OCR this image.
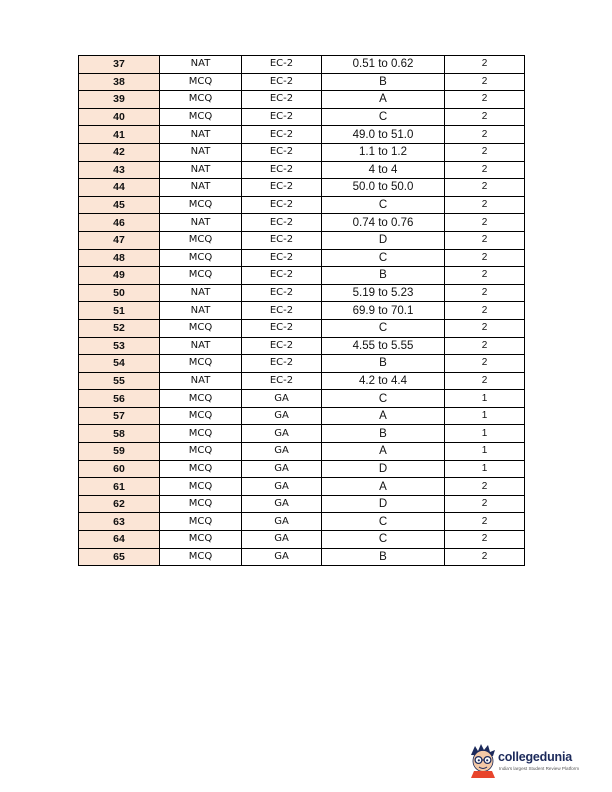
37	NAT	EC-2	0.51 to 0.62	2
38	MCQ	EC-2	B	2
39	MCQ	EC-2	A	2
40	MCQ	EC-2	C	2
41	NAT	EC-2	49.0 to 51.0	2
42	NAT	EC-2	1.1 to 1.2	2
43	NAT	EC-2	4 to 4	2
44	NAT	EC-2	50.0 to 50.0	2
45	MCQ	EC-2	C	2
46	NAT	EC-2	0.74 to 0.76	2
47	MCQ	EC-2	D	2
48	MCQ	EC-2	C	2
49	MCQ	EC-2	B	2
50	NAT	EC-2	5.19 to 5.23	2
51	NAT	EC-2	69.9 to 70.1	2
52	MCQ	EC-2	C	2
53	NAT	EC-2	4.55 to 5.55	2
54	MCQ	EC-2	B	2
55	NAT	EC-2	4.2 to 4.4	2
56	MCQ	GA	C	1
57	MCQ	GA	A	1
58	MCQ	GA	B	1
59	MCQ	GA	A	1
60	MCQ	GA	D	1
61	MCQ	GA	A	2
62	MCQ	GA	D	2
63	MCQ	GA	C	2
64	MCQ	GA	C	2
65	MCQ	GA	B	2
collegedunia
India's largest Student Review Platform
